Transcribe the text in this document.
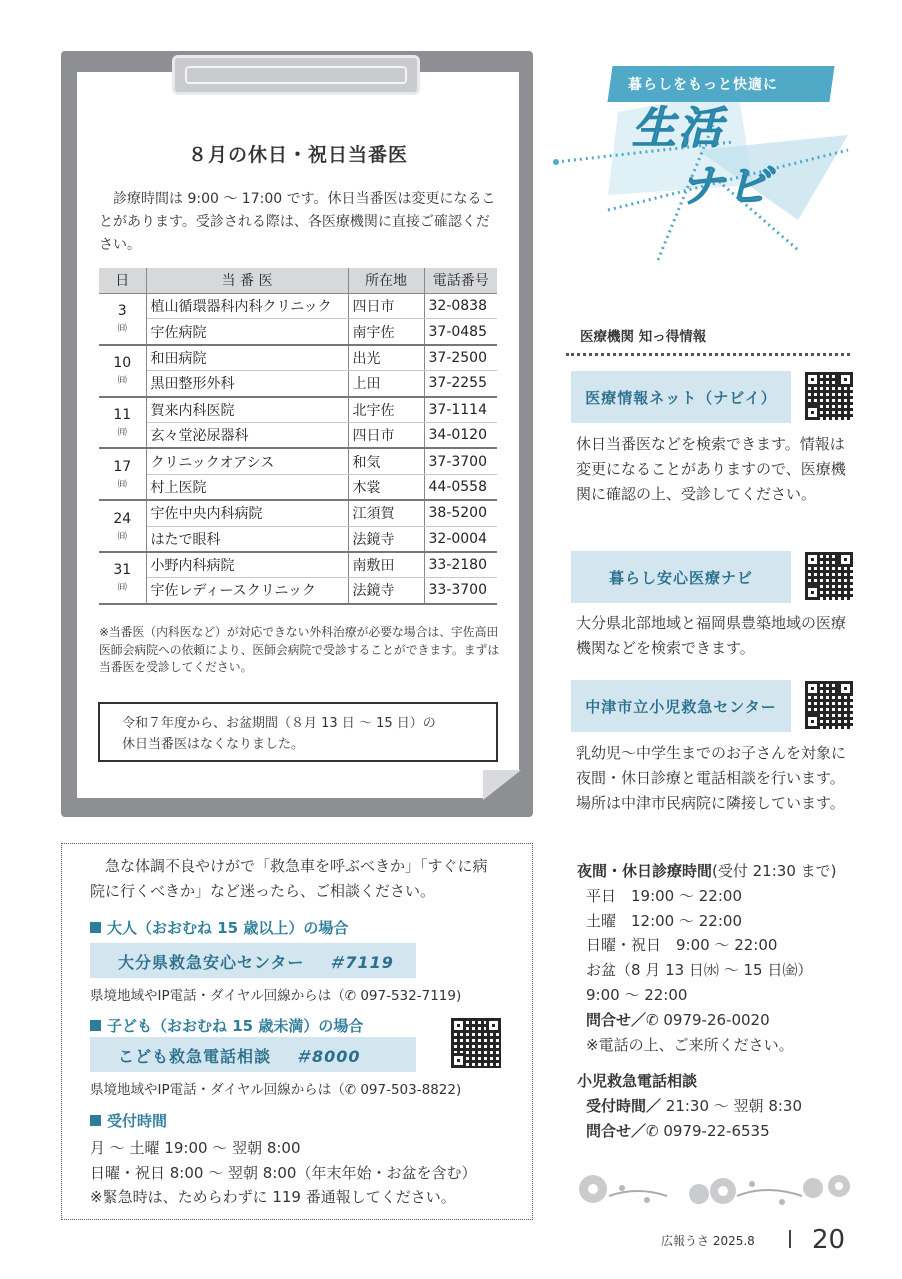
８月の休日・祝日当番医
診療時間は 9:00 ～ 17:00 です。休日当番医は変更になることがあります。受診される際は、各医療機関に直接ご確認ください。
日	当 番 医	所在地	電話番号

3
㈰	植山循環器科内科クリニック	四日市	32-0838
	宇佐病院	南宇佐	37-0485

10
㈰	和田病院	出光	37-2500
	黒田整形外科	上田	37-2255

11
㈪	賀来内科医院	北宇佐	37-1114
	玄々堂泌尿器科	四日市	34-0120

17
㈰	クリニックオアシス	和気	37-3700
	村上医院	木裳	44-0558

24
㈰	宇佐中央内科病院	江須賀	38-5200
	はたで眼科	法鏡寺	32-0004

31
㈰	小野内科病院	南敷田	33-2180
	宇佐レディースクリニック	法鏡寺	33-3700
※当番医（内科医など）が対応できない外科治療が必要な場合は、宇佐高田医師会病院への依頼により、医師会病院で受診することができます。まずは当番医を受診してください。
令和７年度から、お盆期間（８月 13 日 ～ 15 日）の
休日当番医はなくなりました。
急な体調不良やけがで「救急車を呼ぶべきか」「すぐに病
院に行くべきか」など迷ったら、ご相談ください。
大人（おおむね 15 歳以上）の場合
大分県救急安心センター ＃7119
県境地域やIP電話・ダイヤル回線からは（✆ 097-532-7119)
子ども（おおむね 15 歳未満）の場合
こども救急電話相談 ＃8000
県境地域やIP電話・ダイヤル回線からは（✆ 097-503-8822)
受付時間
月 ～ 土曜 19:00 ～ 翌朝 8:00
日曜・祝日 8:00 ～ 翌朝 8:00（年末年始・お盆を含む）
※緊急時は、ためらわずに 119 番通報してください。
暮らしをもっと快適に
生活
ナビ
医療機関 知っ得情報
医療情報ネット（ナビイ）
休日当番医などを検索できます。情報は変更になることがありますので、医療機関に確認の上、受診してください。
暮らし安心医療ナビ
大分県北部地域と福岡県豊築地域の医療機関などを検索できます。
中津市立小児救急センター
乳幼児～中学生までのお子さんを対象に夜間・休日診療と電話相談を行います。場所は中津市民病院に隣接しています。
夜間・休日診療時間(受付 21:30 まで)
平日　19:00 ～ 22:00
土曜　12:00 ～ 22:00
日曜・祝日　9:00 ～ 22:00
お盆（8 月 13 日㈬ ～ 15 日㈮）
9:00 ～ 22:00
問合せ／✆ 0979-26-0020
※電話の上、ご来所ください。
小児救急電話相談
受付時間／ 21:30 ～ 翌朝 8:30
問合せ／✆ 0979-22-6535
広報うさ 2025.8 20
